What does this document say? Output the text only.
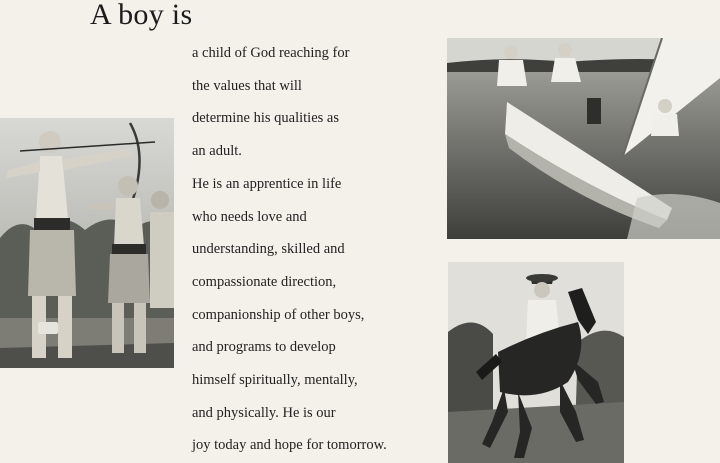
A boy is
a child of God reaching for
the values that will
determine his qualities as
an adult.
He is an apprentice in life
who needs love and
understanding, skilled and
compassionate direction,
companionship of other boys,
and programs to develop
himself spiritually, mentally,
and physically. He is our
joy today and hope for tomorrow.
